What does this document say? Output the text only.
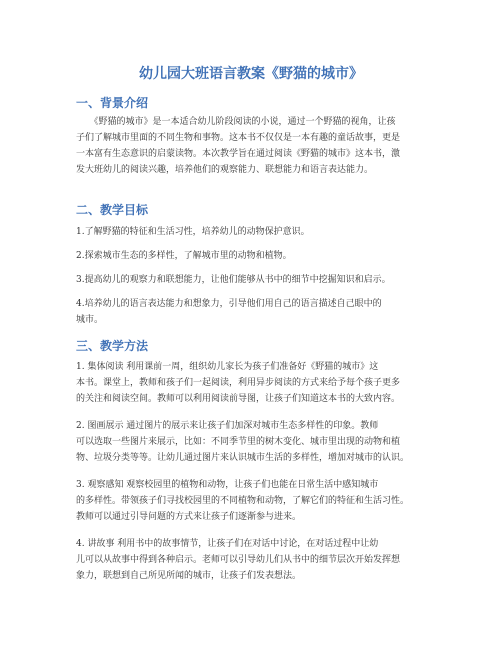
幼儿园大班语言教案《野猫的城市》
一、背景介绍
　　《野猫的城市》是一本适合幼儿阶段阅读的小说，通过一个野猫的视角，让孩
子们了解城市里面的不同生物和事物。这本书不仅仅是一本有趣的童话故事，更是
一本富有生态意识的启蒙读物。本次教学旨在通过阅读《野猫的城市》这本书，激
发大班幼儿的阅读兴趣，培养他们的观察能力、联想能力和语言表达能力。
二、教学目标
1.了解野猫的特征和生活习性，培养幼儿的动物保护意识。
2.探索城市生态的多样性，了解城市里的动物和植物。
3.提高幼儿的观察力和联想能力，让他们能够从书中的细节中挖掘知识和启示。
4.培养幼儿的语言表达能力和想象力，引导他们用自己的语言描述自己眼中的
城市。
三、教学方法
1. 集体阅读 利用课前一周，组织幼儿家长为孩子们准备好《野猫的城市》这
本书。课堂上，教师和孩子们一起阅读，利用异步阅读的方式来给予每个孩子更多
的关注和阅读空间。教师可以利用阅读前导图，让孩子们知道这本书的大致内容。
2. 图画展示 通过图片的展示来让孩子们加深对城市生态多样性的印象。教师
可以选取一些图片来展示，比如：不同季节里的树木变化、城市里出现的动物和植
物、垃圾分类等等。让幼儿通过图片来认识城市生活的多样性，增加对城市的认识。
3. 观察感知 观察校园里的植物和动物，让孩子们也能在日常生活中感知城市
的多样性。带领孩子们寻找校园里的不同植物和动物，了解它们的特征和生活习性。
教师可以通过引导问题的方式来让孩子们逐渐参与进来。
4. 讲故事 利用书中的故事情节，让孩子们在对话中讨论，在对话过程中让幼
儿可以从故事中得到各种启示。老师可以引导幼儿们从书中的细节层次开始发挥想
象力，联想到自己所见所闻的城市，让孩子们发表想法。
